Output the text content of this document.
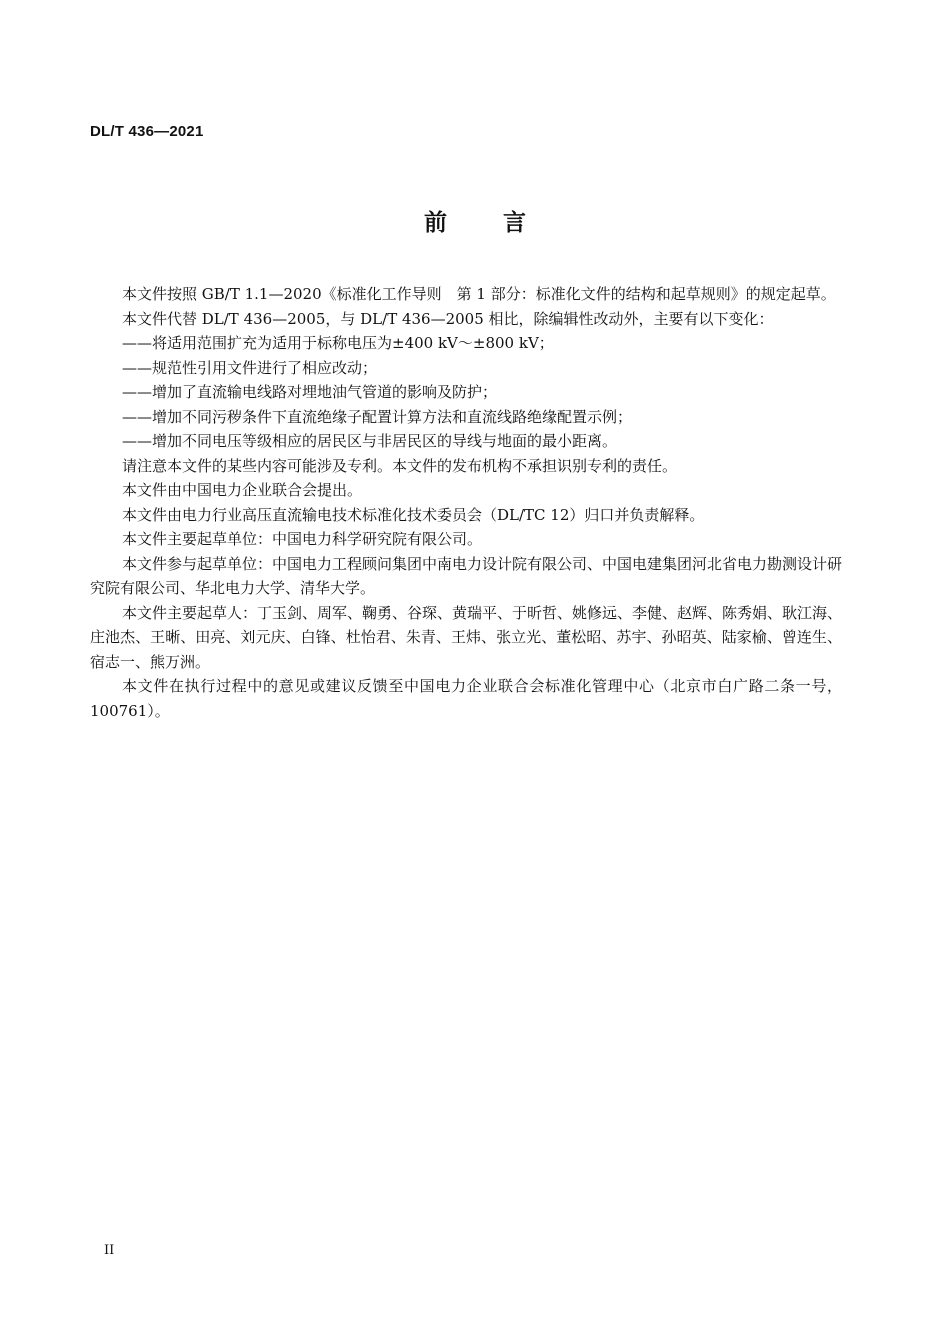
DL/T 436—2021
前 言

本文件按照 GB/T 1.1—2020《标准化工作导则　第 1 部分：标准化文件的结构和起草规则》的规定起草。

本文件代替 DL/T 436—2005，与 DL/T 436—2005 相比，除编辑性改动外，主要有以下变化：

——将适用范围扩充为适用于标称电压为±400 kV～±800 kV；

——规范性引用文件进行了相应改动；

——增加了直流输电线路对埋地油气管道的影响及防护；

——增加不同污秽条件下直流绝缘子配置计算方法和直流线路绝缘配置示例；

——增加不同电压等级相应的居民区与非居民区的导线与地面的最小距离。

请注意本文件的某些内容可能涉及专利。本文件的发布机构不承担识别专利的责任。

本文件由中国电力企业联合会提出。

本文件由电力行业高压直流输电技术标准化技术委员会（DL/TC 12）归口并负责解释。

本文件主要起草单位：中国电力科学研究院有限公司。

本文件参与起草单位：中国电力工程顾问集团中南电力设计院有限公司、中国电建集团河北省电力勘测设计研究院有限公司、华北电力大学、清华大学。

本文件主要起草人：丁玉剑、周军、鞠勇、谷琛、黄瑞平、于昕哲、姚修远、李健、赵辉、陈秀娟、耿江海、庄池杰、王晰、田亮、刘元庆、白锋、杜怡君、朱青、王炜、张立光、董松昭、苏宇、孙昭英、陆家榆、曾连生、宿志一、熊万洲。

本文件在执行过程中的意见或建议反馈至中国电力企业联合会标准化管理中心（北京市白广路二条一号，100761）。

II
